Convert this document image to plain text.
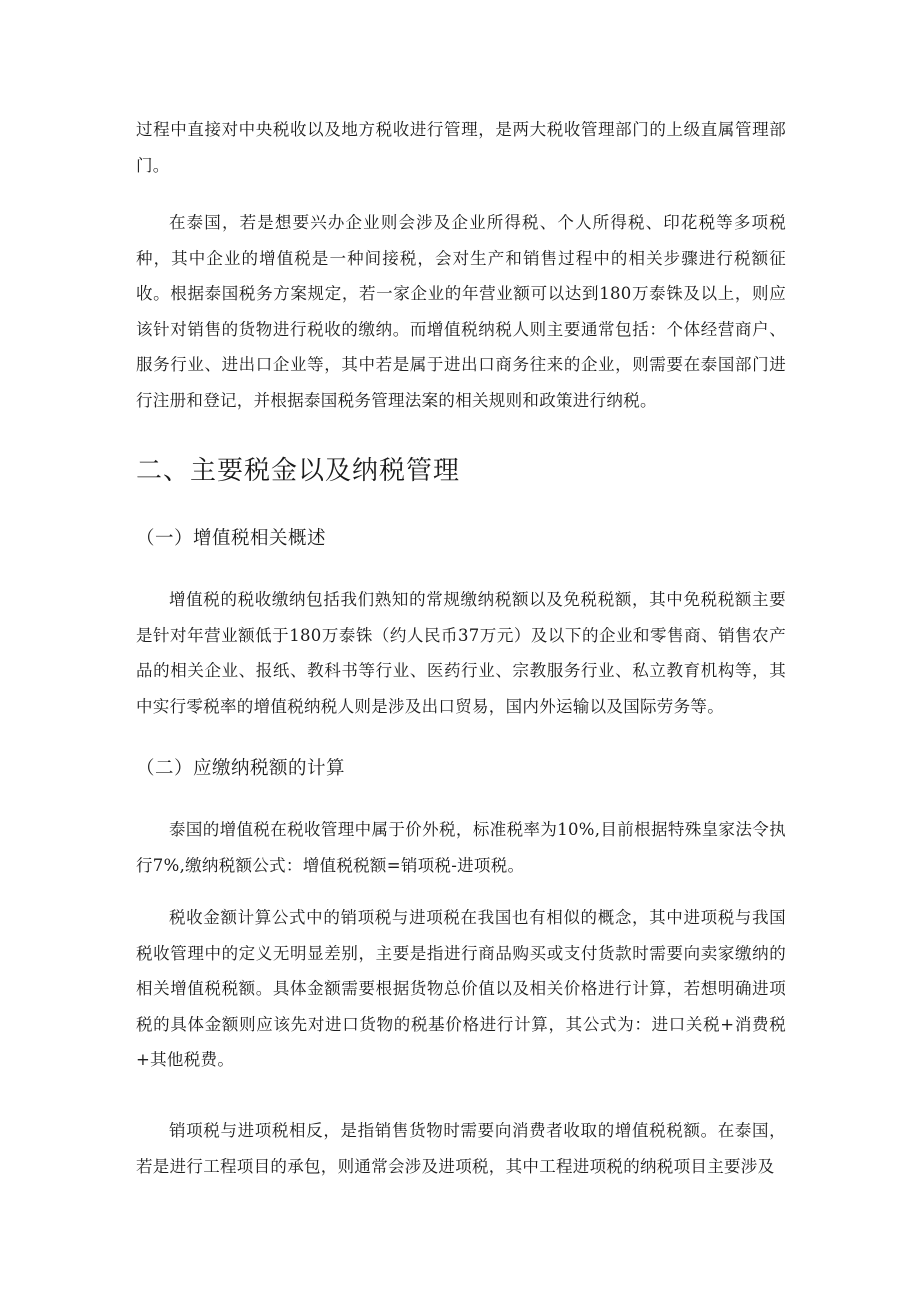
过程中直接对中央税收以及地方税收进行管理，是两大税收管理部门的上级直属管理部门。

在泰国，若是想要兴办企业则会涉及企业所得税、个人所得税、印花税等多项税种，其中企业的增值税是一种间接税，会对生产和销售过程中的相关步骤进行税额征收。根据泰国税务方案规定，若一家企业的年营业额可以达到180万泰铢及以上，则应该针对销售的货物进行税收的缴纳。而增值税纳税人则主要通常包括：个体经营商户、服务行业、进出口企业等，其中若是属于进出口商务往来的企业，则需要在泰国部门进行注册和登记，并根据泰国税务管理法案的相关规则和政策进行纳税。

二、主要税金以及纳税管理
（一）增值税相关概述

增值税的税收缴纳包括我们熟知的常规缴纳税额以及免税税额，其中免税税额主要是针对年营业额低于180万泰铢（约人民币37万元）及以下的企业和零售商、销售农产品的相关企业、报纸、教科书等行业、医药行业、宗教服务行业、私立教育机构等，其中实行零税率的增值税纳税人则是涉及出口贸易，国内外运输以及国际劳务等。

（二）应缴纳税额的计算

泰国的增值税在税收管理中属于价外税，标准税率为10%,目前根据特殊皇家法令执行7%,缴纳税额公式：增值税税额=销项税-进项税。

税收金额计算公式中的销项税与进项税在我国也有相似的概念，其中进项税与我国税收管理中的定义无明显差别，主要是指进行商品购买或支付货款时需要向卖家缴纳的相关增值税税额。具体金额需要根据货物总价值以及相关价格进行计算，若想明确进项税的具体金额则应该先对进口货物的税基价格进行计算，其公式为：进口关税+消费税+其他税费。

销项税与进项税相反，是指销售货物时需要向消费者收取的增值税税额。在泰国，若是进行工程项目的承包，则通常会涉及进项税，其中工程进项税的纳税项目主要涉及
